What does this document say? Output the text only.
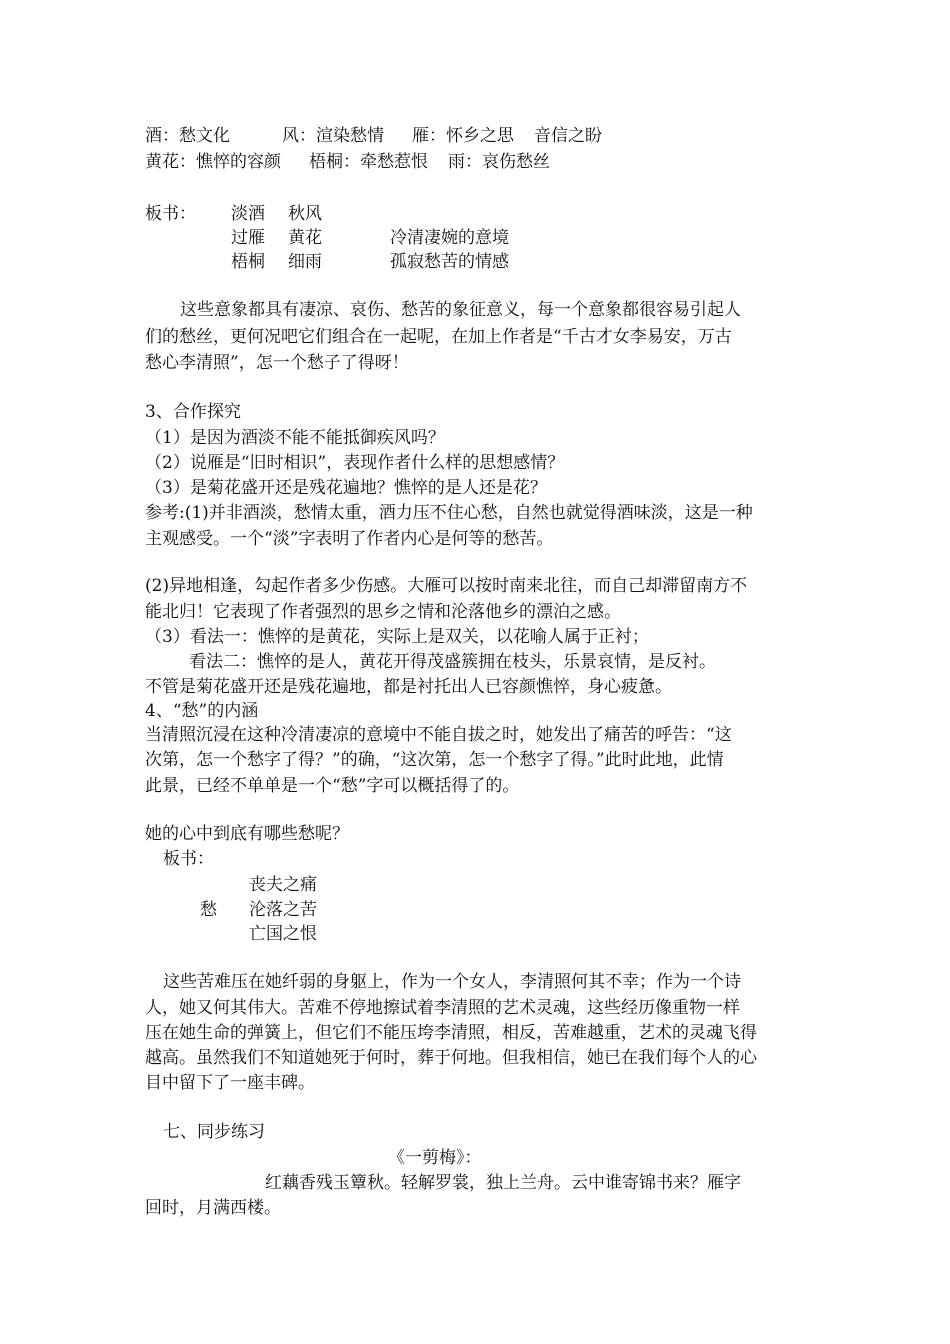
酒：愁文化	风：渲染愁情 雁：怀乡之思 音信之盼
黄花：憔悴的容颜 梧桐：牵愁惹恨 雨：哀伤愁丝
板书： 淡酒 秋风
过雁 黄花	冷清凄婉的意境
梧桐 细雨	孤寂愁苦的情感
这些意象都具有凄凉、哀伤、愁苦的象征意义，每一个意象都很容易引起人
们的愁丝，更何况吧它们组合在一起呢，在加上作者是“千古才女李易安，万古
愁心李清照”，怎一个愁子了得呀！
3、合作探究
（1）是因为酒淡不能不能抵御疾风吗？
（2）说雁是“旧时相识”，表现作者什么样的思想感情？
（3）是菊花盛开还是残花遍地？憔悴的是人还是花？
参考:(1)并非酒淡，愁情太重，酒力压不住心愁，自然也就觉得酒味淡，这是一种
主观感受。一个“淡”字表明了作者内心是何等的愁苦。
(2)异地相逢，勾起作者多少伤感。大雁可以按时南来北往，而自己却滞留南方不
能北归！它表现了作者强烈的思乡之情和沦落他乡的漂泊之感。
（3）看法一：憔悴的是黄花，实际上是双关，以花喻人属于正衬；
看法二：憔悴的是人，黄花开得茂盛簇拥在枝头，乐景哀情，是反衬。
不管是菊花盛开还是残花遍地，都是衬托出人已容颜憔悴，身心疲惫。
4、“愁”的内涵
当清照沉浸在这种冷清凄凉的意境中不能自拔之时，她发出了痛苦的呼告：“这
次第，怎一个愁字了得？”的确，“这次第，怎一个愁字了得。”此时此地，此情
此景，已经不单单是一个“愁”字可以概括得了的。
她的心中到底有哪些愁呢？
板书：
丧夫之痛
愁 沦落之苦
亡国之恨
这些苦难压在她纤弱的身躯上，作为一个女人，李清照何其不幸；作为一个诗
人，她又何其伟大。苦难不停地擦试着李清照的艺术灵魂，这些经历像重物一样
压在她生命的弹簧上，但它们不能压垮李清照，相反，苦难越重，艺术的灵魂飞得
越高。虽然我们不知道她死于何时，葬于何地。但我相信，她已在我们每个人的心
目中留下了一座丰碑。
七、同步练习
《一剪梅》：
红藕香残玉簟秋。轻解罗裳，独上兰舟。云中谁寄锦书来？雁字
回时，月满西楼。
